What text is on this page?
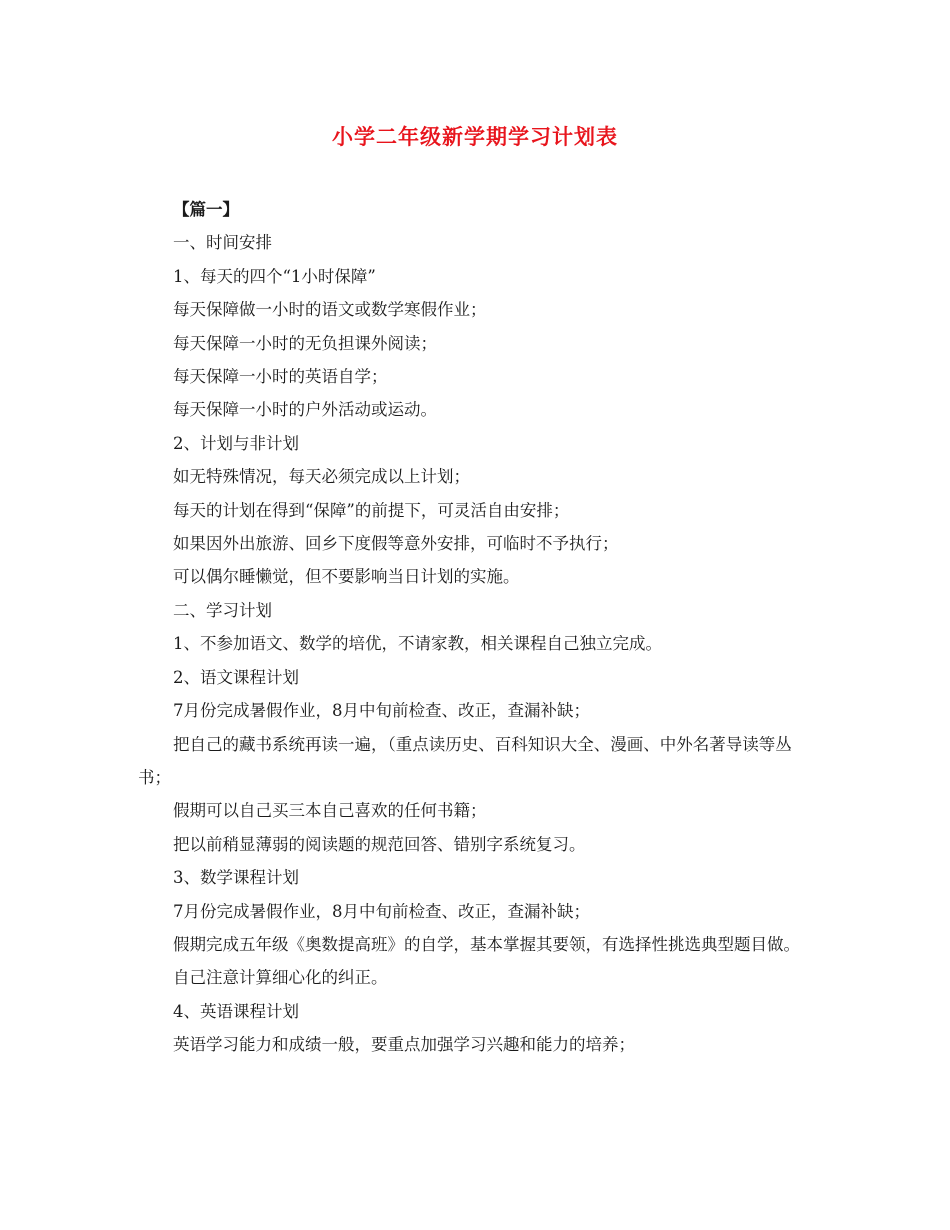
小学二年级新学期学习计划表

【篇一】

一、时间安排

1、每天的四个“1小时保障”

每天保障做一小时的语文或数学寒假作业；

每天保障一小时的无负担课外阅读；

每天保障一小时的英语自学；

每天保障一小时的户外活动或运动。

2、计划与非计划

如无特殊情况，每天必须完成以上计划；

每天的计划在得到“保障”的前提下，可灵活自由安排；

如果因外出旅游、回乡下度假等意外安排，可临时不予执行；

可以偶尔睡懒觉，但不要影响当日计划的实施。

二、学习计划

1、不参加语文、数学的培优，不请家教，相关课程自己独立完成。

2、语文课程计划

7月份完成暑假作业，8月中旬前检查、改正，查漏补缺；

把自己的藏书系统再读一遍，（重点读历史、百科知识大全、漫画、中外名著导读等丛书；

假期可以自己买三本自己喜欢的任何书籍；

把以前稍显薄弱的阅读题的规范回答、错别字系统复习。

3、数学课程计划

7月份完成暑假作业，8月中旬前检查、改正，查漏补缺；

假期完成五年级《奥数提高班》的自学，基本掌握其要领，有选择性挑选典型题目做。

自己注意计算细心化的纠正。

4、英语课程计划

英语学习能力和成绩一般，要重点加强学习兴趣和能力的培养；
